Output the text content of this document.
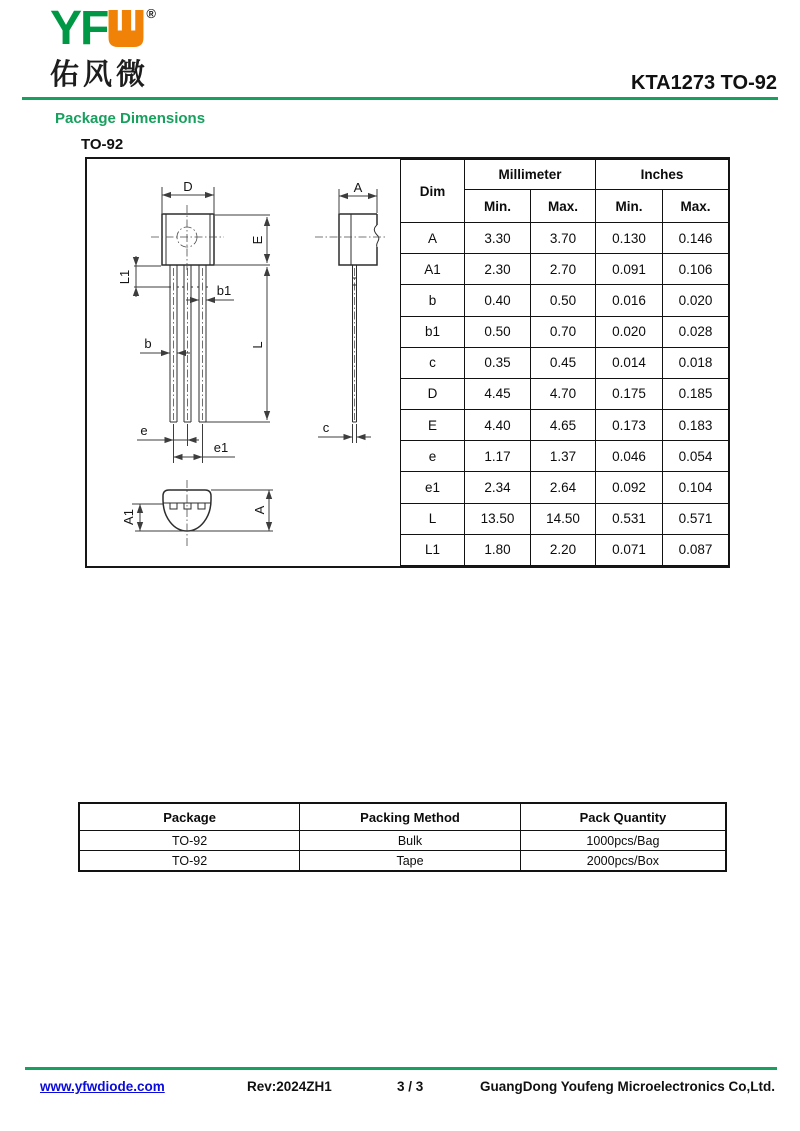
YF	®
佑风微	KTA1273 TO-92
Package Dimensions
TO-92
D
E
L1
b1
b	L
e
e1
A1	A
A
c
Dim	Millimeter		Inches	
	Min.	Max.	Min.	Max.
A	3.30	3.70	0.130	0.146
A1	2.30	2.70	0.091	0.106
b	0.40	0.50	0.016	0.020
b1	0.50	0.70	0.020	0.028
c	0.35	0.45	0.014	0.018
D	4.45	4.70	0.175	0.185
E	4.40	4.65	0.173	0.183
e	1.17	1.37	0.046	0.054
e1	2.34	2.64	0.092	0.104
L	13.50	14.50	0.531	0.571
L1	1.80	2.20	0.071	0.087
Package	Packing Method	Pack Quantity
TO-92	Bulk	1000pcs/Bag
TO-92	Tape	2000pcs/Box
www.yfwdiode.com	Rev:2024ZH1	3 / 3	GuangDong Youfeng Microelectronics Co,Ltd.
